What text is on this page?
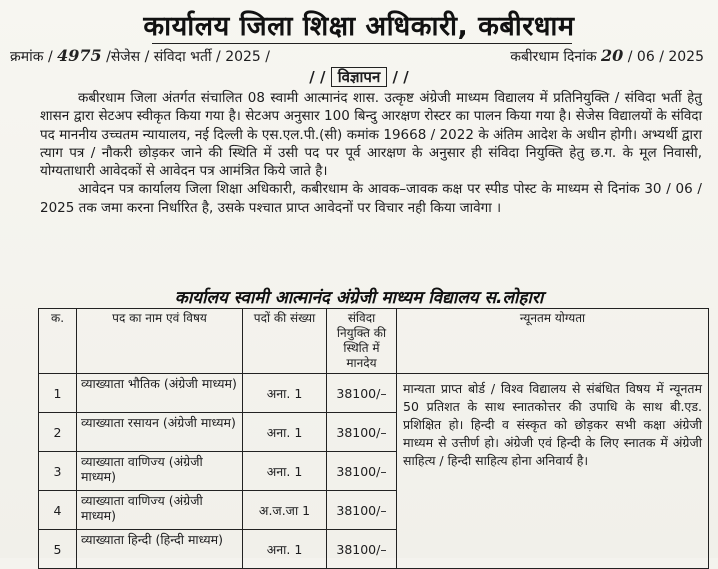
कार्यालय जिला शिक्षा अधिकारी, कबीरधाम
क्रमांक / 4975 /सेजेस / संविदा भर्ती / 2025 /	कबीरधाम दिनांक 20 / 06 / 2025
/ / विज्ञापन / /

कबीरधाम जिला अंतर्गत संचालित 08 स्वामी आत्मानंद शास. उत्कृष्ट अंग्रेजी माध्यम विद्यालय में प्रतिनियुक्ति / संविदा भर्ती हेतु शासन द्वारा सेटअप स्वीकृत किया गया है। सेटअप अनुसार 100 बिन्दु आरक्षण रोस्टर का पालन किया गया है। सेजेस विद्यालयों के संविदा पद माननीय उच्चतम न्यायालय, नई दिल्ली के एस.एल.पी.(सी) कमांक 19668 / 2022 के अंतिम आदेश के अधीन होगी। अभ्यर्थी द्वारा त्याग पत्र / नौकरी छोड़कर जाने की स्थिति में उसी पद पर पूर्व आरक्षण के अनुसार ही संविदा नियुक्ति हेतु छ.ग. के मूल निवासी, योग्यताधारी आवेदकों से आवेदन पत्र आमंत्रित किये जाते है।

आवेदन पत्र कार्यालय जिला शिक्षा अधिकारी, कबीरधाम के आवक–जावक कक्ष पर स्पीड पोस्ट के माध्यम से दिनांक 30 / 06 / 2025 तक जमा करना निर्धारित है, उसके पश्चात प्राप्त आवेदनों पर विचार नही किया जावेगा ।

कार्यालय स्वामी आत्मानंद अंग्रेजी माध्यम विद्यालय स.लोहारा
क.	पद का नाम एवं विषय	पदों की संख्या	संविदा नियुक्ति की स्थिति में मानदेय	न्यूनतम योग्यता
1	व्याख्याता भौतिक (अंग्रेजी माध्यम)	अना. 1	38100/–	मान्यता प्राप्त बोर्ड / विश्व विद्यालय से संबंधित विषय में न्यूनतम 50 प्रतिशत के साथ स्नातकोत्तर की उपाधि के साथ बी.एड. प्रशिक्षित हो। हिन्दी व संस्कृत को छोड़कर सभी कक्षा अंग्रेजी माध्यम से उत्तीर्ण हो। अंग्रेजी एवं हिन्दी के लिए स्नातक में अंग्रेजी साहित्य / हिन्दी साहित्य होना अनिवार्य है।
2	व्याख्याता रसायन (अंग्रेजी माध्यम)	अना. 1	38100/–	
3	व्याख्याता वाणिज्य (अंग्रेजी माध्यम)	अना. 1	38100/–	
4	व्याख्याता वाणिज्य (अंग्रेजी माध्यम)	अ.ज.जा 1	38100/–	
5	व्याख्याता हिन्दी (हिन्दी माध्यम)	अना. 1	38100/–	
